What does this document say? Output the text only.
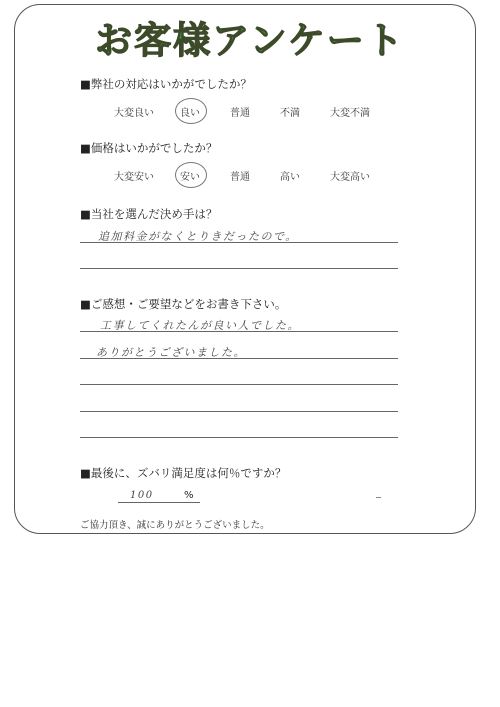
お客様アンケート
■弊社の対応はいかがでしたか？
大変良い	良い	普通	不満	大変不満
■価格はいかがでしたか？
大変安い	安い	普通	高い	大変高い
■当社を選んだ決め手は？
追加料金がなくとりきだったので。
■ご感想・ご要望などをお書き下さい。
工事してくれたんが良い人でした。
ありがとうございました。
■最後に、ズバリ満足度は何％ですか？
100	%
ご協力頂き、誠にありがとうございました。
